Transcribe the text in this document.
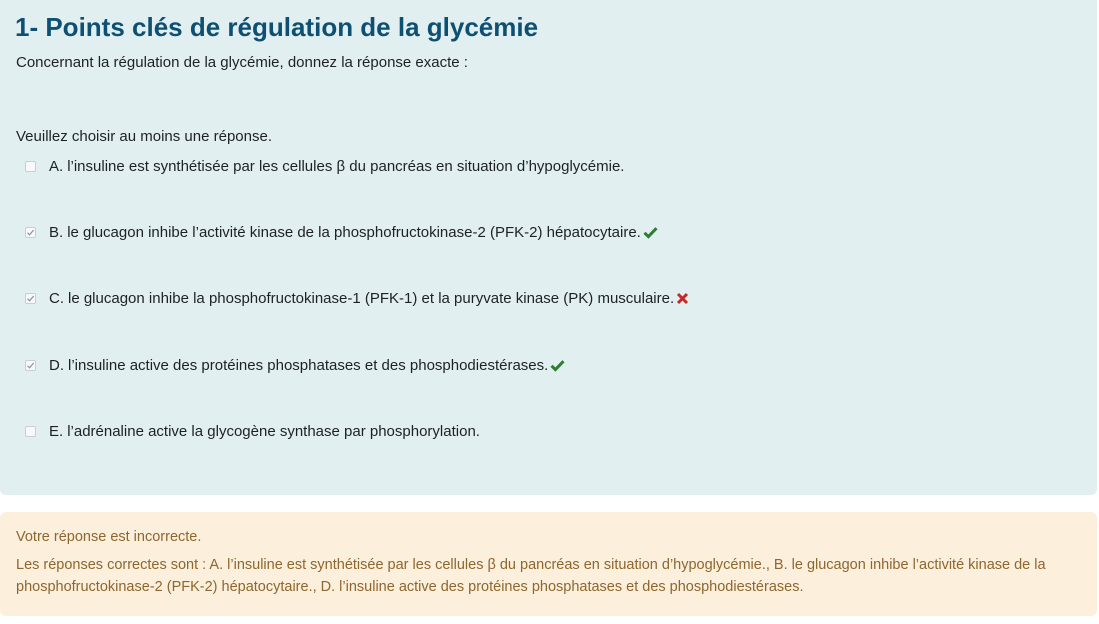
1- Points clés de régulation de la glycémie
Concernant la régulation de la glycémie, donnez la réponse exacte :
Veuillez choisir au moins une réponse.
A. l’insuline est synthétisée par les cellules β du pancréas en situation d’hypoglycémie.
B. le glucagon inhibe l’activité kinase de la phosphofructokinase-2 (PFK-2) hépatocytaire.
C. le glucagon inhibe la phosphofructokinase-1 (PFK-1) et la puryvate kinase (PK) musculaire.
D. l’insuline active des protéines phosphatases et des phosphodiestérases.
E. l’adrénaline active la glycogène synthase par phosphorylation.
Votre réponse est incorrecte.
Les réponses correctes sont : A. l’insuline est synthétisée par les cellules β du pancréas en situation d’hypoglycémie., B. le glucagon inhibe l’activité kinase de la phosphofructokinase-2 (PFK-2) hépatocytaire., D. l’insuline active des protéines phosphatases et des phosphodiestérases.
